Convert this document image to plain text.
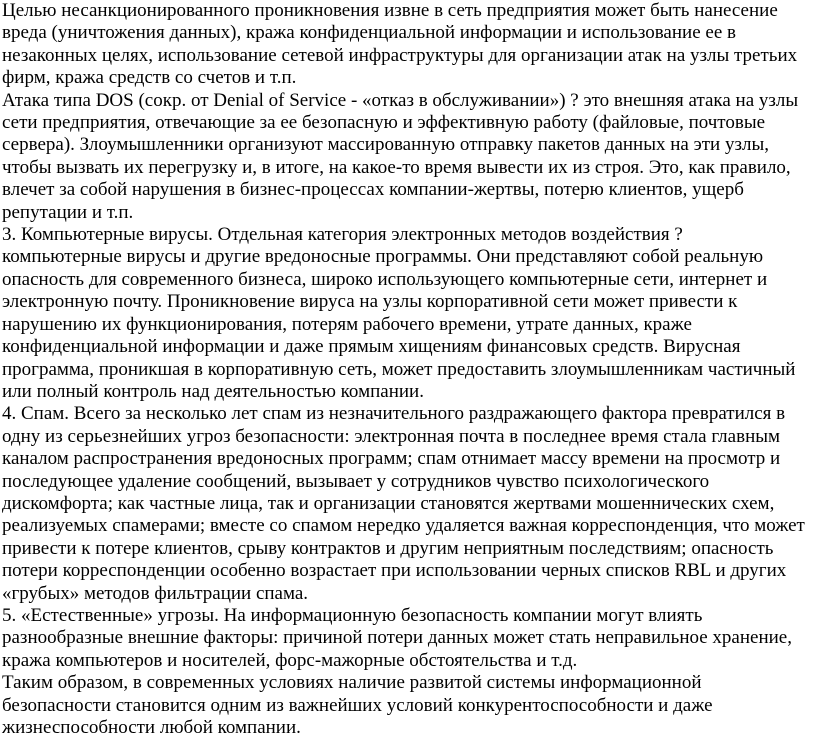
Целью несанкционированного проникновения извне в сеть предприятия может быть нанесение
вреда (уничтожения данных), кража конфиденциальной информации и использование ее в
незаконных целях, использование сетевой инфраструктуры для организации атак на узлы третьих
фирм, кража средств со счетов и т.п.
Атака типа DOS (сокр. от Denial of Service - «отказ в обслуживании») ? это внешняя атака на узлы
сети предприятия, отвечающие за ее безопасную и эффективную работу (файловые, почтовые
сервера). Злоумышленники организуют массированную отправку пакетов данных на эти узлы,
чтобы вызвать их перегрузку и, в итоге, на какое-то время вывести их из строя. Это, как правило,
влечет за собой нарушения в бизнес-процессах компании-жертвы, потерю клиентов, ущерб
репутации и т.п.
3. Компьютерные вирусы. Отдельная категория электронных методов воздействия ?
компьютерные вирусы и другие вредоносные программы. Они представляют собой реальную
опасность для современного бизнеса, широко использующего компьютерные сети, интернет и
электронную почту. Проникновение вируса на узлы корпоративной сети может привести к
нарушению их функционирования, потерям рабочего времени, утрате данных, краже
конфиденциальной информации и даже прямым хищениям финансовых средств. Вирусная
программа, проникшая в корпоративную сеть, может предоставить злоумышленникам частичный
или полный контроль над деятельностью компании.
4. Спам. Всего за несколько лет спам из незначительного раздражающего фактора превратился в
одну из серьезнейших угроз безопасности: электронная почта в последнее время стала главным
каналом распространения вредоносных программ; спам отнимает массу времени на просмотр и
последующее удаление сообщений, вызывает у сотрудников чувство психологического
дискомфорта; как частные лица, так и организации становятся жертвами мошеннических схем,
реализуемых спамерами; вместе со спамом нередко удаляется важная корреспонденция, что может
привести к потере клиентов, срыву контрактов и другим неприятным последствиям; опасность
потери корреспонденции особенно возрастает при использовании черных списков RBL и других
«грубых» методов фильтрации спама.
5. «Естественные» угрозы. На информационную безопасность компании могут влиять
разнообразные внешние факторы: причиной потери данных может стать неправильное хранение,
кража компьютеров и носителей, форс-мажорные обстоятельства и т.д.
Таким образом, в современных условиях наличие развитой системы информационной
безопасности становится одним из важнейших условий конкурентоспособности и даже
жизнеспособности любой компании.
